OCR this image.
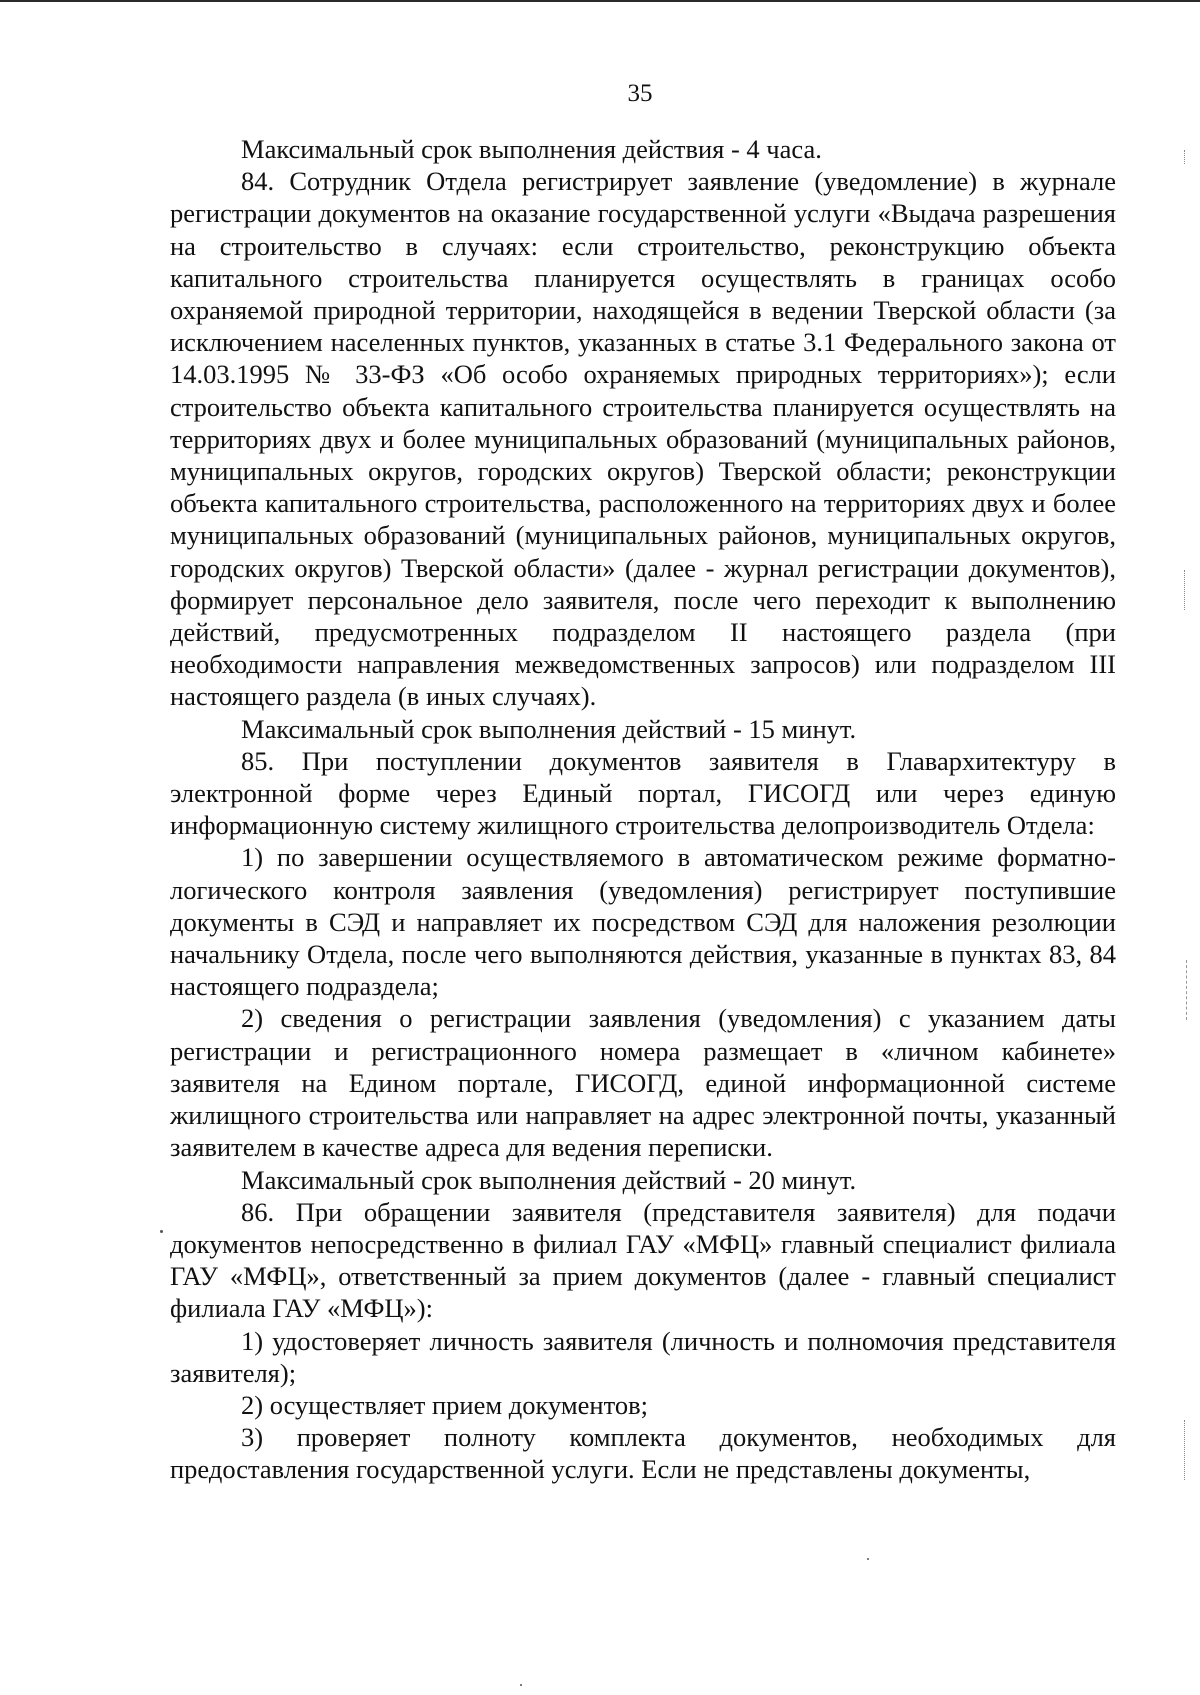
35

Максимальный срок выполнения действия - 4 часа.

84. Сотрудник Отдела регистрирует заявление (уведомление) в журнале регистрации документов на оказание государственной услуги «Выдача разрешения на строительство в случаях: если строительство, реконструкцию объекта капитального строительства планируется осуществлять в границах особо охраняемой природной территории, находящейся в ведении Тверской области (за исключением населенных пунктов, указанных в статье 3.1 Федерального закона от 14.03.1995 № 33-ФЗ «Об особо охраняемых природных территориях»); если строительство объекта капитального строительства планируется осуществлять на территориях двух и более муниципальных образований (муниципальных районов, муниципальных округов, городских округов) Тверской области; реконструкции объекта капитального строительства, расположенного на территориях двух и более муниципальных образований (муниципальных районов, муниципальных округов, городских округов) Тверской области» (далее - журнал регистрации документов), формирует персональное дело заявителя, после чего переходит к выполнению действий, предусмотренных подразделом II настоящего раздела (при необходимости направления межведомственных запросов) или подразделом III настоящего раздела (в иных случаях).

Максимальный срок выполнения действий - 15 минут.

85. При поступлении документов заявителя в Главархитектуру в электронной форме через Единый портал, ГИСОГД или через единую информационную систему жилищного строительства делопроизводитель Отдела:

1) по завершении осуществляемого в автоматическом режиме форматно-логического контроля заявления (уведомления) регистрирует поступившие документы в СЭД и направляет их посредством СЭД для наложения резолюции начальнику Отдела, после чего выполняются действия, указанные в пунктах 83, 84 настоящего подраздела;

2) сведения о регистрации заявления (уведомления) с указанием даты регистрации и регистрационного номера размещает в «личном кабинете» заявителя на Едином портале, ГИСОГД, единой информационной системе жилищного строительства или направляет на адрес электронной почты, указанный заявителем в качестве адреса для ведения переписки.

Максимальный срок выполнения действий - 20 минут.

86. При обращении заявителя (представителя заявителя) для подачи документов непосредственно в филиал ГАУ «МФЦ» главный специалист филиала ГАУ «МФЦ», ответственный за прием документов (далее - главный специалист филиала ГАУ «МФЦ»):

1) удостоверяет личность заявителя (личность и полномочия представителя заявителя);

2) осуществляет прием документов;

3) проверяет полноту комплекта документов, необходимых для предоставления государственной услуги. Если не представлены документы,
